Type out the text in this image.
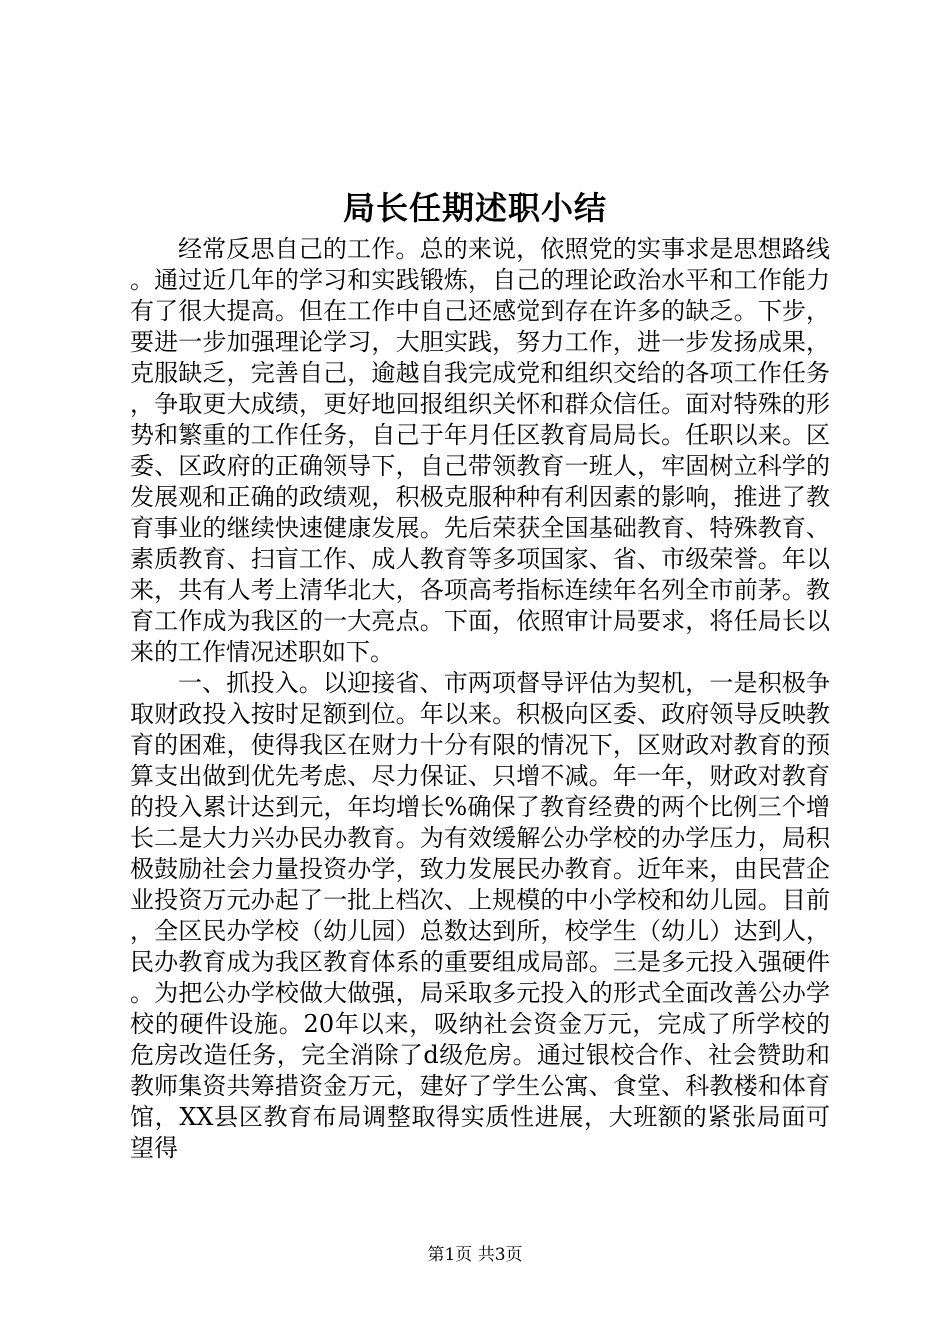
局长任期述职小结

经常反思自己的工作。总的来说，依照党的实事求是思想路线。通过近几年的学习和实践锻炼，自己的理论政治水平和工作能力有了很大提高。但在工作中自己还感觉到存在许多的缺乏。下步，要进一步加强理论学习，大胆实践，努力工作，进一步发扬成果，克服缺乏，完善自己，逾越自我完成党和组织交给的各项工作任务，争取更大成绩，更好地回报组织关怀和群众信任。面对特殊的形势和繁重的工作任务，自己于年月任区教育局局长。任职以来。区委、区政府的正确领导下，自己带领教育一班人，牢固树立科学的发展观和正确的政绩观，积极克服种种有利因素的影响，推进了教育事业的继续快速健康发展。先后荣获全国基础教育、特殊教育、素质教育、扫盲工作、成人教育等多项国家、省、市级荣誉。年以来，共有人考上清华北大，各项高考指标连续年名列全市前茅。教育工作成为我区的一大亮点。下面，依照审计局要求，将任局长以来的工作情况述职如下。

一、抓投入。以迎接省、市两项督导评估为契机，一是积极争取财政投入按时足额到位。年以来。积极向区委、政府领导反映教育的困难，使得我区在财力十分有限的情况下，区财政对教育的预算支出做到优先考虑、尽力保证、只增不减。年一年，财政对教育的投入累计达到元，年均增长%确保了教育经费的两个比例三个增长二是大力兴办民办教育。为有效缓解公办学校的办学压力，局积极鼓励社会力量投资办学，致力发展民办教育。近年来，由民营企业投资万元办起了一批上档次、上规模的中小学校和幼儿园。目前，全区民办学校（幼儿园）总数达到所，校学生（幼儿）达到人，民办教育成为我区教育体系的重要组成局部。三是多元投入强硬件。为把公办学校做大做强，局采取多元投入的形式全面改善公办学校的硬件设施。20年以来，吸纳社会资金万元，完成了所学校的危房改造任务，完全消除了d级危房。通过银校合作、社会赞助和教师集资共筹措资金万元，建好了学生公寓、食堂、科教楼和体育馆，XX县区教育布局调整取得实质性进展，大班额的紧张局面可望得

第1页 共3页
